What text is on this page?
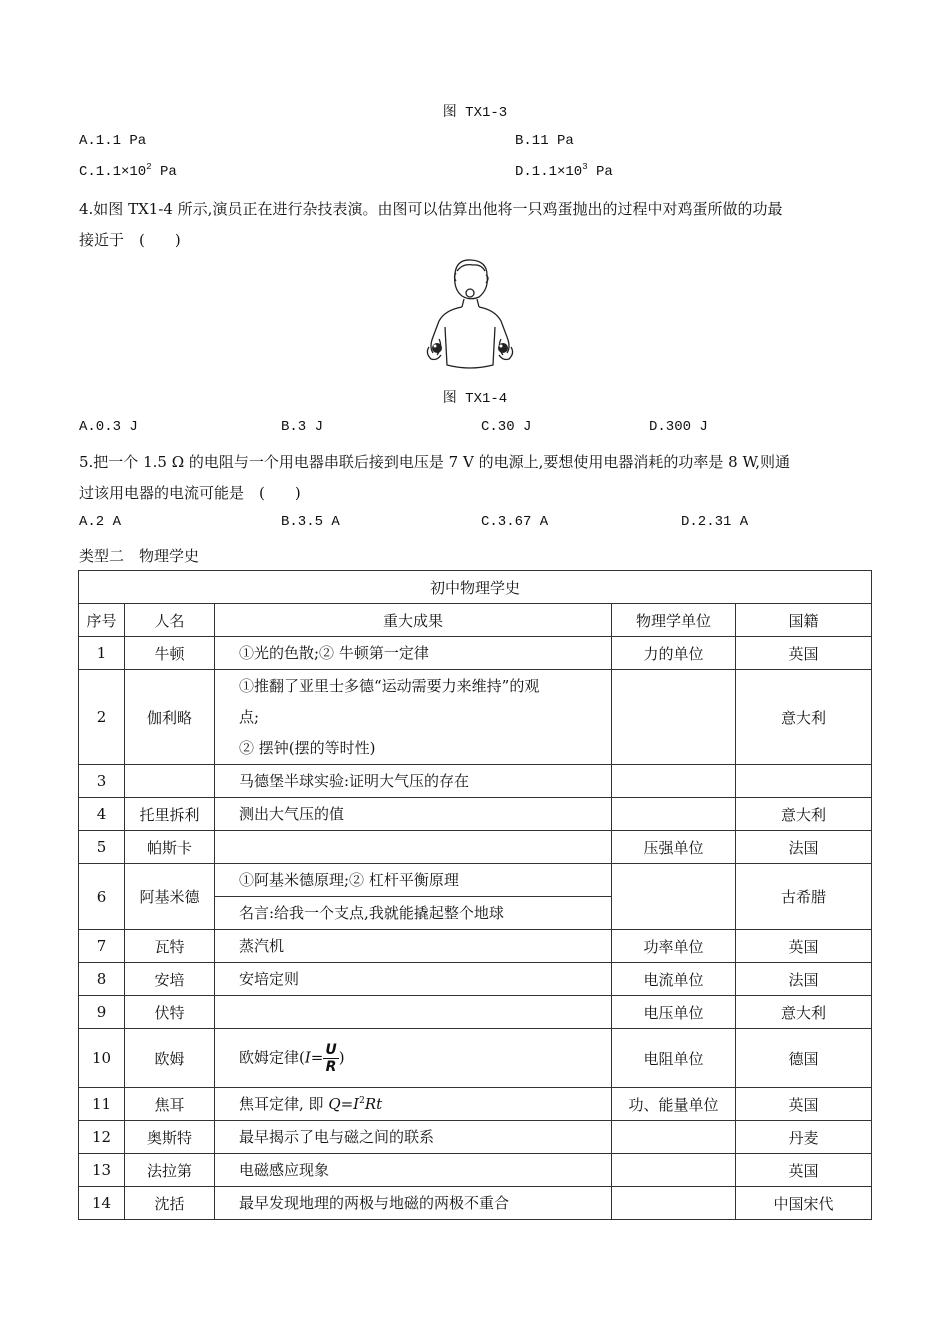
图 TX1-3
A.1.1 Pa	B.11 Pa
$C.1.1\times 10^2$ Pa	$D.1.1\times 10^3$ Pa
4.如图 TX1-4 所示,演员正在进行杂技表演。由图可以估算出他将一只鸡蛋抛出的过程中对鸡蛋所做的功最
接近于　(　　)
图 TX1-4
A.0.3 J	B.3 J	C.30 J	D.300 J
5.把一个 1.5 Ω 的电阻与一个用电器串联后接到电压是 7 V 的电源上,要想使用电器消耗的功率是 8 W,则通
过该用电器的电流可能是　(　　)
A.2 A	B.3.5 A	C.3.67 A	D.2.31 A
类型二　物理学史
初中物理学史				
序号	人名	重大成果	物理学单位	国籍
1	牛顿	①光的色散;② 牛顿第一定律	力的单位	英国
2	伽利略	①推翻了亚里士多德“运动需要力来维持”的观
点;
② 摆钟(摆的等时性)		意大利
3		马德堡半球实验:证明大气压的存在		
4	托里拆利	测出大气压的值		意大利
5	帕斯卡		压强单位	法国
6	阿基米德	①阿基米德原理;② 杠杆平衡原理		古希腊
		名言:给我一个支点,我就能撬起整个地球		
7	瓦特	蒸汽机	功率单位	英国
8	安培	安培定则	电流单位	法国
9	伏特		电压单位	意大利
10	欧姆	欧姆定律($I= \frac{U}{R}$ )	电阻单位	德国
11	焦耳	焦耳定律, 即 $Q=I^2Rt$	功、能量单位	英国
12	奥斯特	最早揭示了电与磁之间的联系		丹麦
13	法拉第	电磁感应现象		英国
14	沈括	最早发现地理的两极与地磁的两极不重合		中国宋代
